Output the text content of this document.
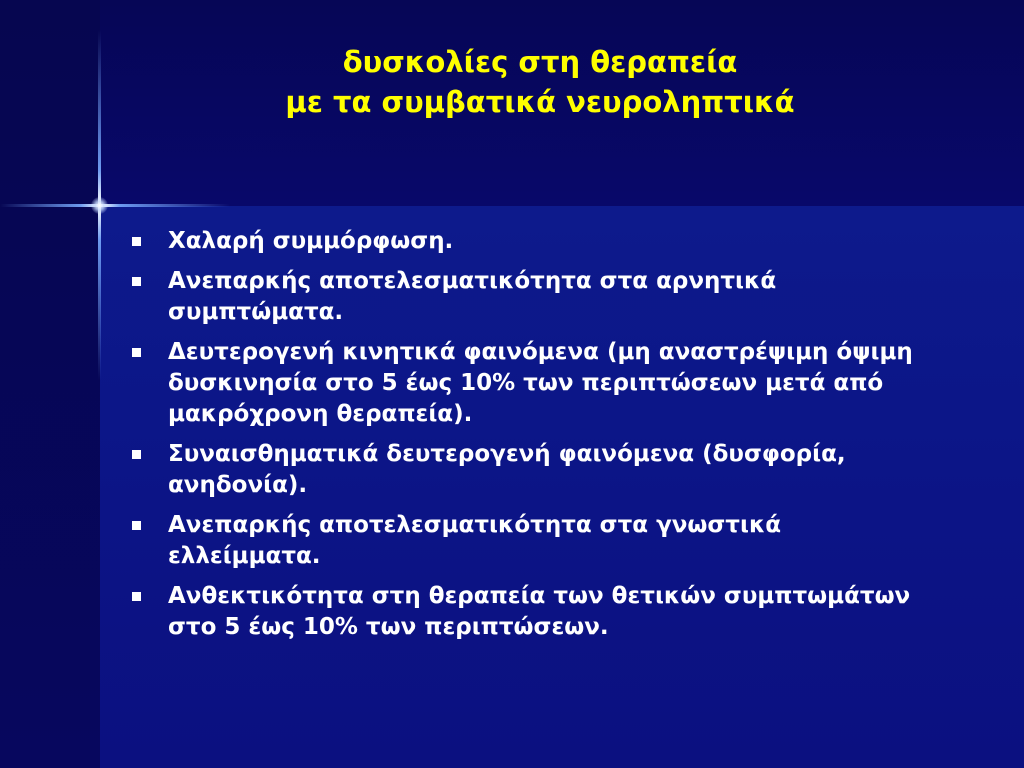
δυσκολίες στη θεραπεία
με τα συμβατικά νευροληπτικά
Χαλαρή συμμόρφωση.
Ανεπαρκής αποτελεσματικότητα στα αρνητικά συμπτώματα.
Δευτερογενή κινητικά φαινόμενα (μη αναστρέψιμη όψιμη δυσκινησία στο 5 έως 10% των περιπτώσεων μετά από μακρόχρονη θεραπεία).
Συναισθηματικά δευτερογενή φαινόμενα (δυσφορία, ανηδονία).
Ανεπαρκής αποτελεσματικότητα στα γνωστικά ελλείμματα.
Ανθεκτικότητα στη θεραπεία των θετικών συμπτωμάτων στο 5 έως 10% των περιπτώσεων.
